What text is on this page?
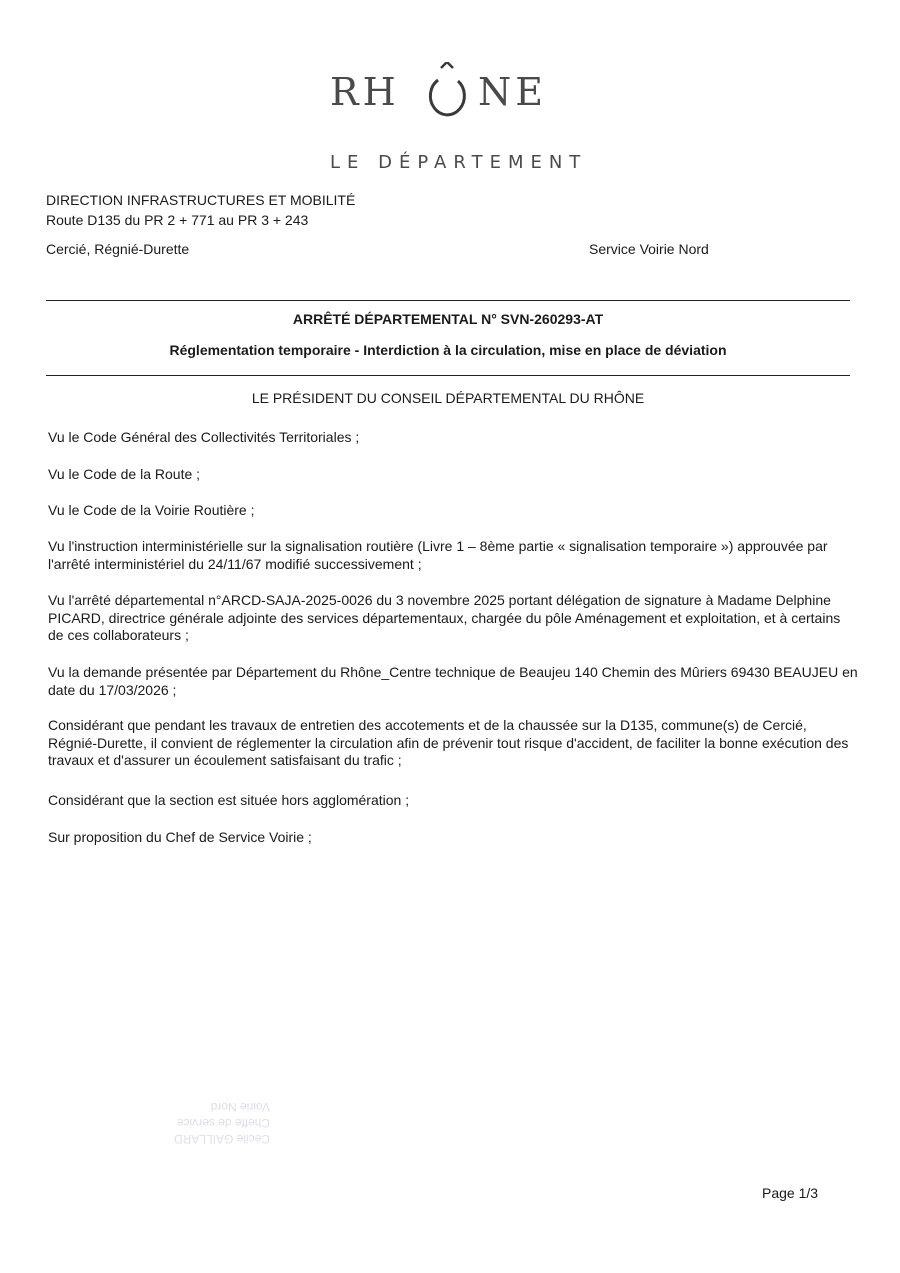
RH NE
LE DÉPARTEMENT
DIRECTION INFRASTRUCTURES ET MOBILITÉ
Route D135 du PR 2 + 771 au PR 3 + 243
Cercié, Régnié-Durette	Service Voirie Nord
ARRÊTÉ DÉPARTEMENTAL N° SVN-260293-AT
Réglementation temporaire - Interdiction à la circulation, mise en place de déviation
LE PRÉSIDENT DU CONSEIL DÉPARTEMENTAL DU RHÔNE
Vu le Code Général des Collectivités Territoriales ;
Vu le Code de la Route ;
Vu le Code de la Voirie Routière ;
Vu l'instruction interministérielle sur la signalisation routière (Livre 1 – 8ème partie « signalisation temporaire ») approuvée par l'arrêté interministériel du 24/11/67 modifié successivement ;
Vu l'arrêté départemental n°ARCD-SAJA-2025-0026 du 3 novembre 2025 portant délégation de signature à Madame Delphine PICARD, directrice générale adjointe des services départementaux, chargée du pôle Aménagement et exploitation, et à certains de ces collaborateurs ;
Vu la demande présentée par Département du Rhône_Centre technique de Beaujeu 140 Chemin des Mûriers 69430 BEAUJEU en date du 17/03/2026 ;
Considérant que pendant les travaux de entretien des accotements et de la chaussée sur la D135, commune(s) de Cercié, Régnié-Durette, il convient de réglementer la circulation afin de prévenir tout risque d'accident, de faciliter la bonne exécution des travaux et d'assurer un écoulement satisfaisant du trafic ;
Considérant que la section est située hors agglomération ;
Sur proposition du Chef de Service Voirie ;
Cécile GAILLARD
Cheffe de service
Voirie Nord
Page 1/3
